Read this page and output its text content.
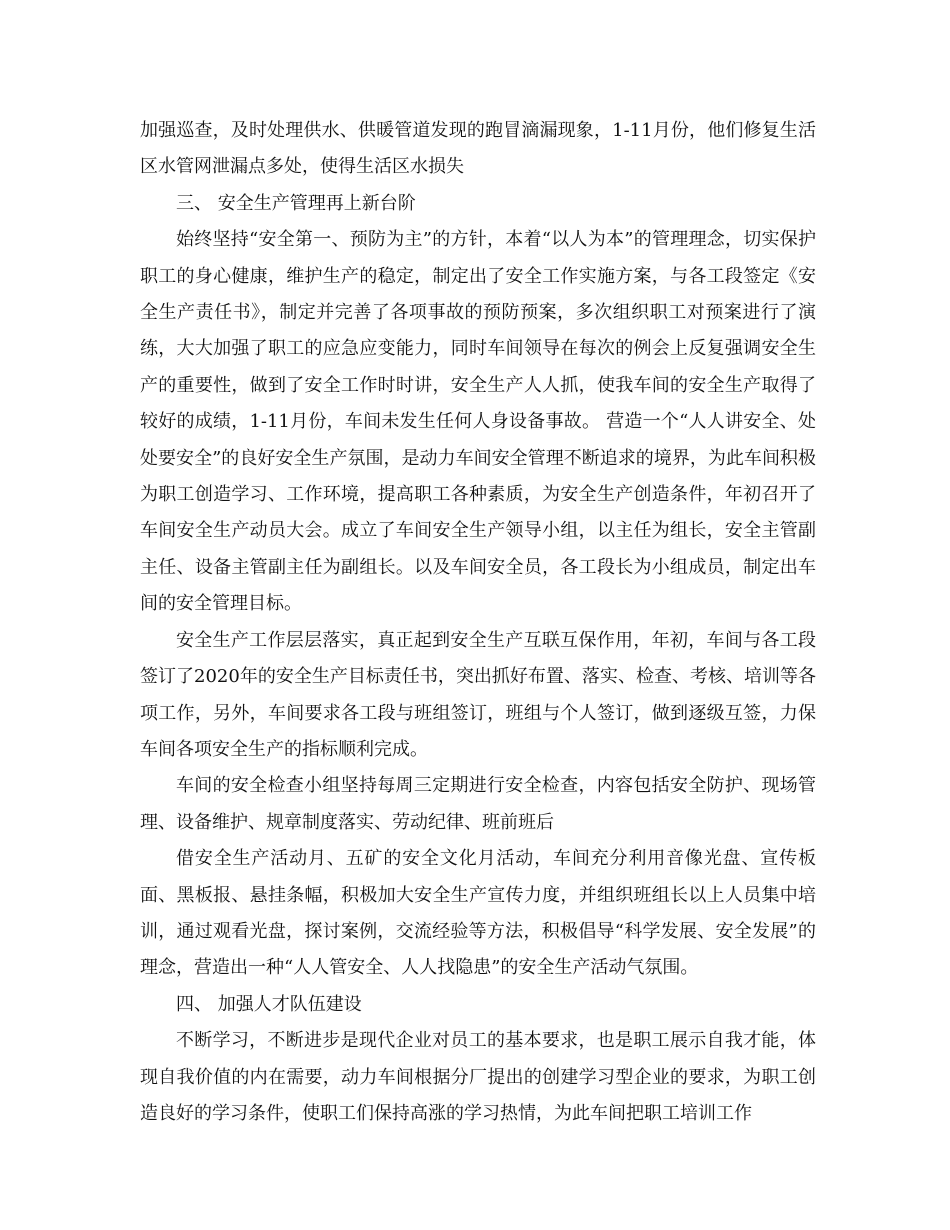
加强巡查，及时处理供水、供暖管道发现的跑冒滴漏现象，1-11月份，他们修复生活区水管网泄漏点多处，使得生活区水损失

三、 安全生产管理再上新台阶

始终坚持“安全第一、预防为主”的方针，本着“以人为本”的管理理念，切实保护职工的身心健康，维护生产的稳定，制定出了安全工作实施方案，与各工段签定《安全生产责任书》，制定并完善了各项事故的预防预案，多次组织职工对预案进行了演练，大大加强了职工的应急应变能力，同时车间领导在每次的例会上反复强调安全生产的重要性，做到了安全工作时时讲，安全生产人人抓，使我车间的安全生产取得了较好的成绩，1-11月份，车间未发生任何人身设备事故。 营造一个“人人讲安全、处处要安全”的良好安全生产氛围，是动力车间安全管理不断追求的境界，为此车间积极为职工创造学习、工作环境，提高职工各种素质，为安全生产创造条件，年初召开了车间安全生产动员大会。成立了车间安全生产领导小组，以主任为组长，安全主管副主任、设备主管副主任为副组长。以及车间安全员，各工段长为小组成员，制定出车间的安全管理目标。

安全生产工作层层落实，真正起到安全生产互联互保作用，年初，车间与各工段签订了2020年的安全生产目标责任书，突出抓好布置、落实、检查、考核、培训等各项工作，另外，车间要求各工段与班组签订，班组与个人签订，做到逐级互签，力保车间各项安全生产的指标顺利完成。

车间的安全检查小组坚持每周三定期进行安全检查，内容包括安全防护、现场管理、设备维护、规章制度落实、劳动纪律、班前班后

借安全生产活动月、五矿的安全文化月活动，车间充分利用音像光盘、宣传板面、黑板报、悬挂条幅，积极加大安全生产宣传力度，并组织班组长以上人员集中培训，通过观看光盘，探讨案例，交流经验等方法，积极倡导“科学发展、安全发展”的理念，营造出一种“人人管安全、人人找隐患”的安全生产活动气氛围。

四、 加强人才队伍建设

不断学习，不断进步是现代企业对员工的基本要求，也是职工展示自我才能，体现自我价值的内在需要，动力车间根据分厂提出的创建学习型企业的要求，为职工创造良好的学习条件，使职工们保持高涨的学习热情，为此车间把职工培训工作
